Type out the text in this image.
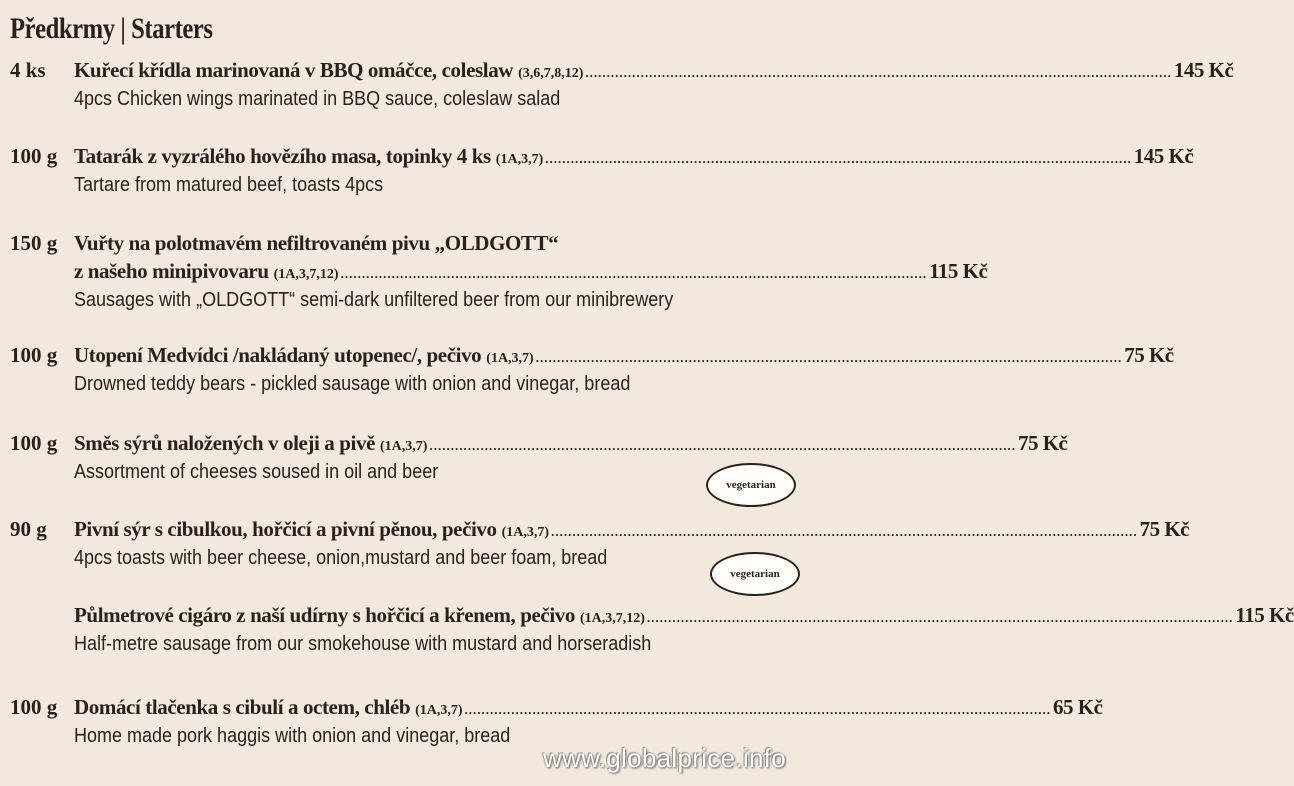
Předkrmy | Starters
4 ks Kuřecí křídla marinovaná v BBQ omáčce, coleslaw (3,6,7,8,12) .......................................................................................................................................... 145 Kč
4pcs Chicken wings marinated in BBQ sauce, coleslaw salad
100 g Tatarák z vyzrálého hovězího masa, topinky 4 ks (1A,3,7) .......................................................................................................................................... 145 Kč
Tartare from matured beef, toasts 4pcs
150 g Vuřty na polotmavém nefiltrovaném pivu „OLDGOTT“
z našeho minipivovaru (1A,3,7,12) .......................................................................................................................................... 115 Kč
Sausages with „OLDGOTT“ semi-dark unfiltered beer from our minibrewery
100 g Utopení Medvídci /nakládaný utopenec/, pečivo (1A,3,7) .......................................................................................................................................... 75 Kč
Drowned teddy bears - pickled sausage with onion and vinegar, bread
100 g Směs sýrů naložených v oleji a pivě (1A,3,7) .......................................................................................................................................... 75 Kč
Assortment of cheeses soused in oil and beer
vegetarian
90 g Pivní sýr s cibulkou, hořčicí a pivní pěnou, pečivo (1A,3,7) .......................................................................................................................................... 75 Kč
4pcs toasts with beer cheese, onion,mustard and beer foam, bread
vegetarian
Půlmetrové cigáro z naší udírny s hořčicí a křenem, pečivo (1A,3,7,12) .......................................................................................................................................... 115 Kč
Half-metre sausage from our smokehouse with mustard and horseradish
100 g Domácí tlačenka s cibulí a octem, chléb (1A,3,7) .......................................................................................................................................... 65 Kč
Home made pork haggis with onion and vinegar, bread
www.globalprice.info
